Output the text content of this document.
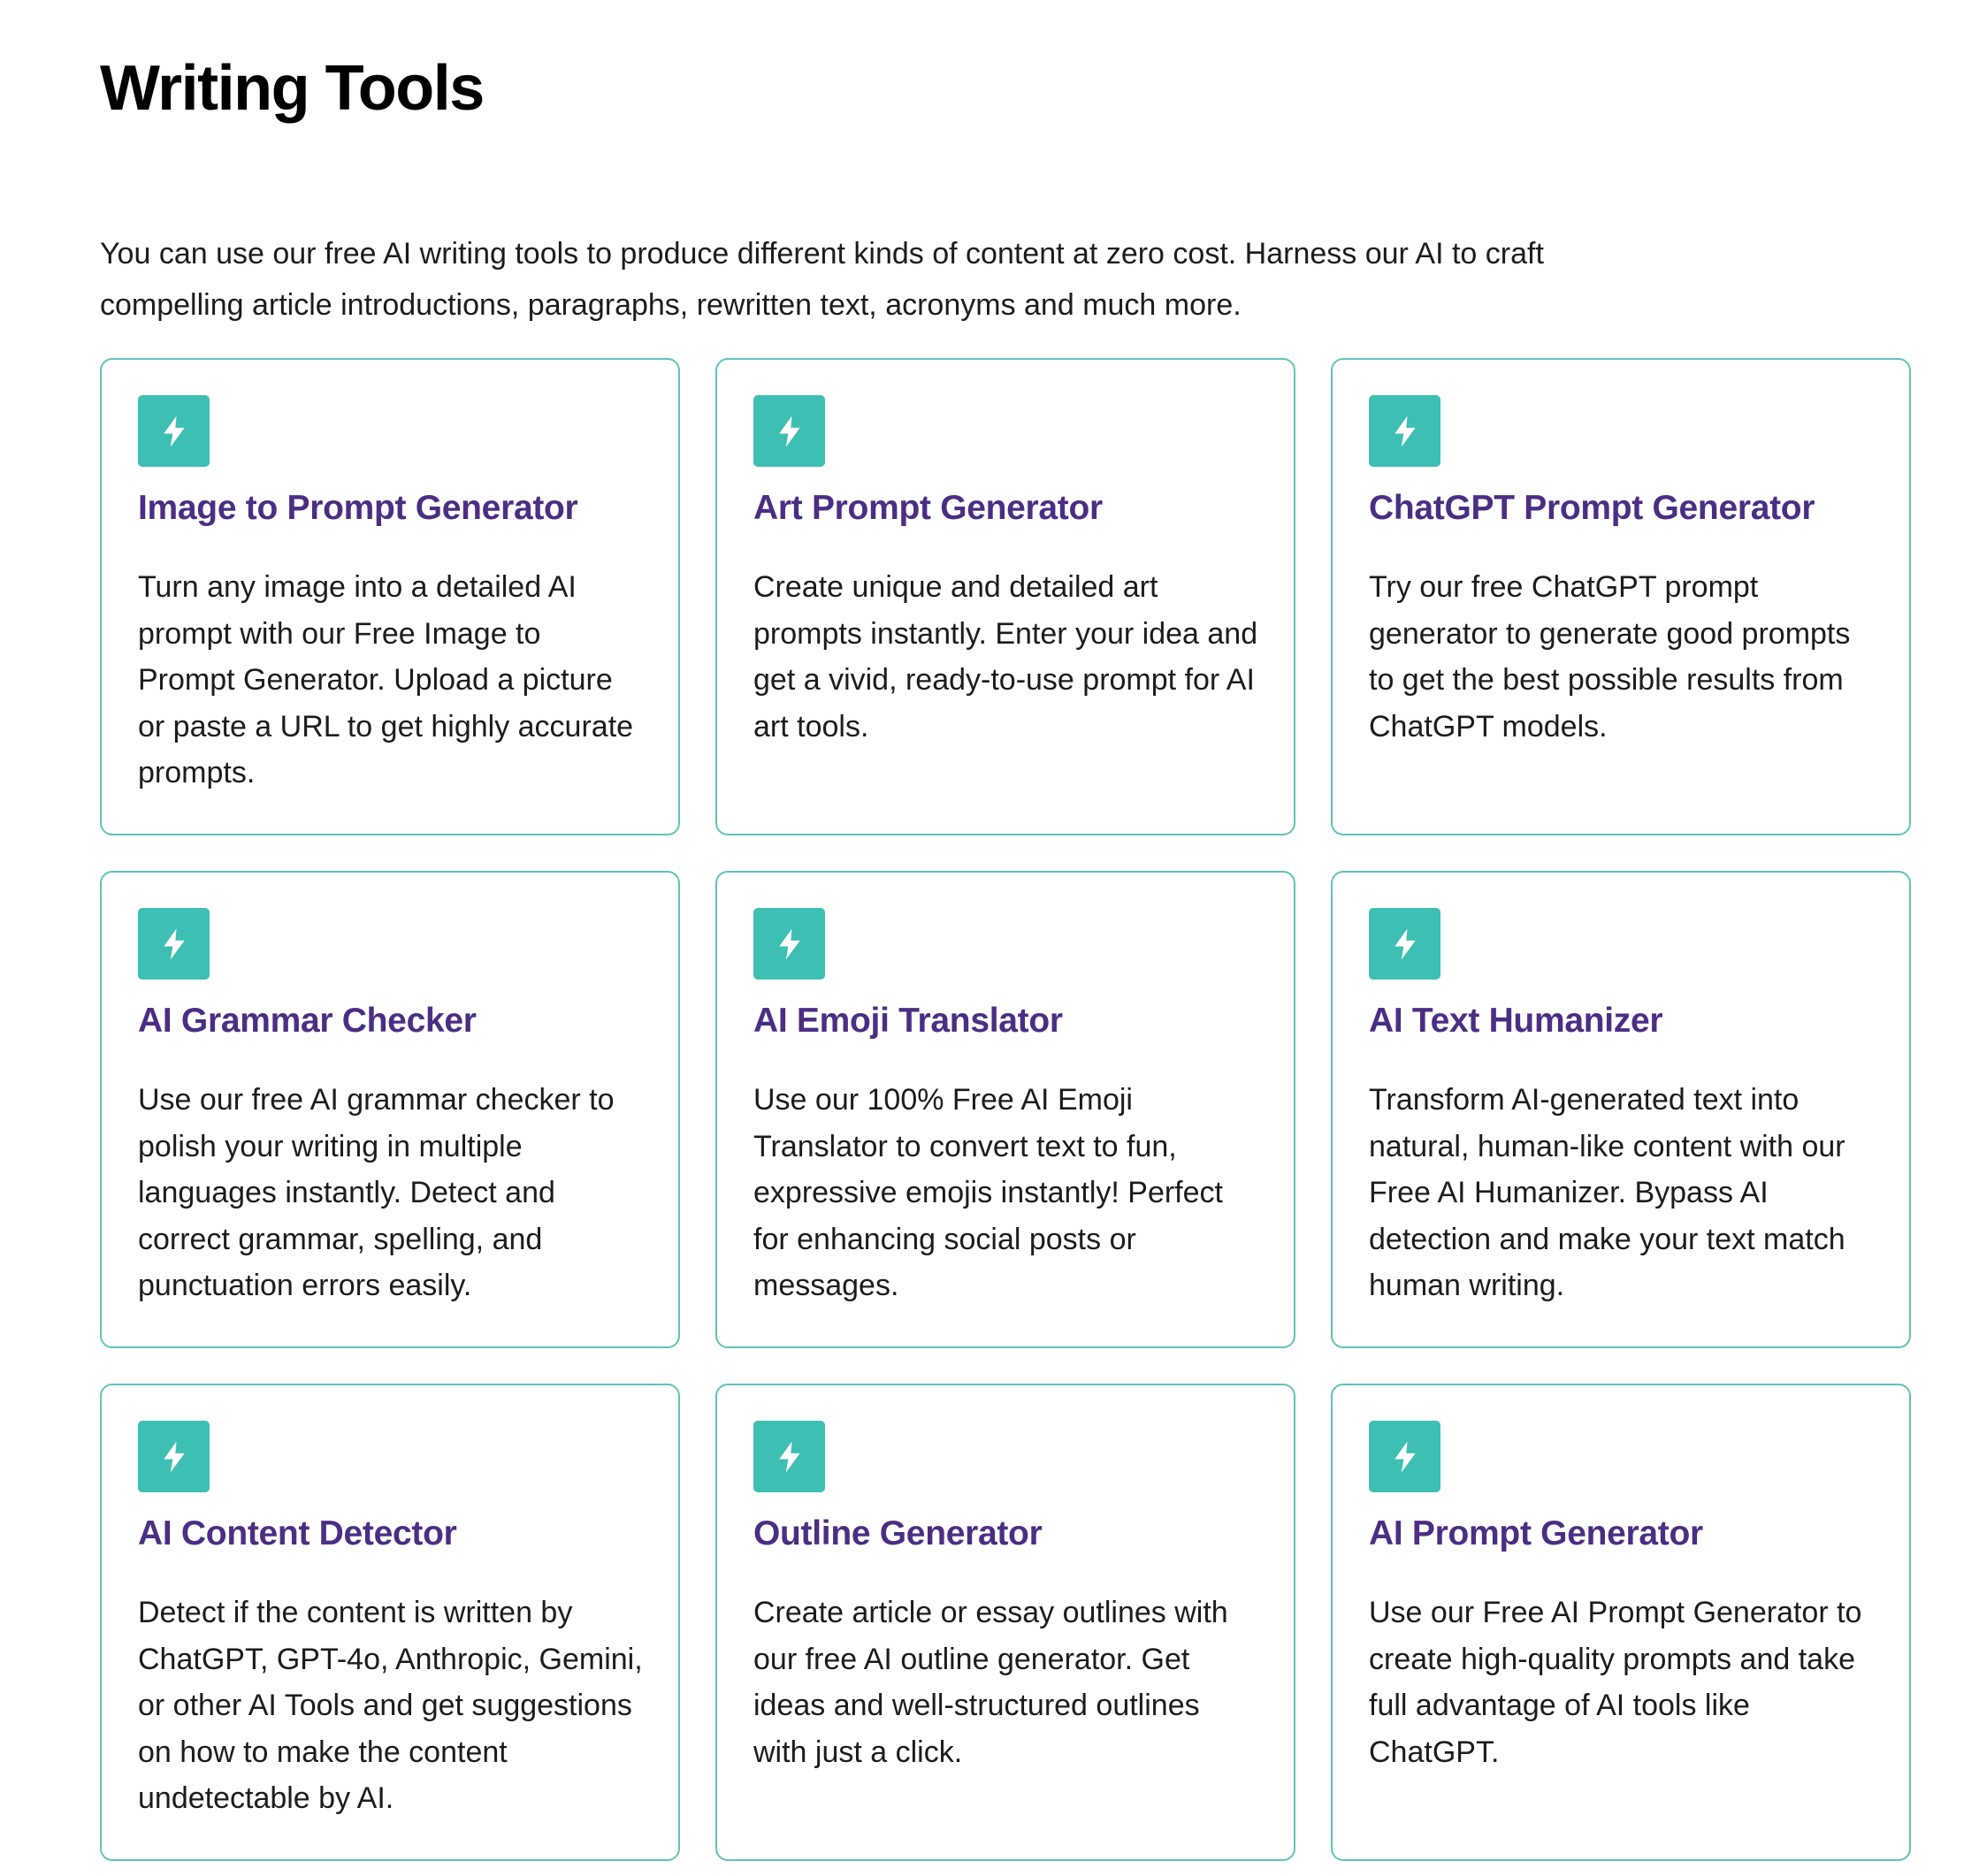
Writing Tools

You can use our free AI writing tools to produce different kinds of content at zero cost. Harness our AI to craft compelling article introductions, paragraphs, rewritten text, acronyms and much more.

Image to Prompt Generator

Turn any image into a detailed AI prompt with our Free Image to Prompt Generator. Upload a picture or paste a URL to get highly accurate prompts.

Art Prompt Generator

Create unique and detailed art prompts instantly. Enter your idea and get a vivid, ready-to-use prompt for AI art tools.

ChatGPT Prompt Generator

Try our free ChatGPT prompt generator to generate good prompts to get the best possible results from ChatGPT models.

AI Grammar Checker

Use our free AI grammar checker to polish your writing in multiple languages instantly. Detect and correct grammar, spelling, and punctuation errors easily.

AI Emoji Translator

Use our 100% Free AI Emoji Translator to convert text to fun, expressive emojis instantly! Perfect for enhancing social posts or messages.

AI Text Humanizer

Transform AI-generated text into natural, human-like content with our Free AI Humanizer. Bypass AI detection and make your text match human writing.

AI Content Detector

Detect if the content is written by ChatGPT, GPT-4o, Anthropic, Gemini, or other AI Tools and get suggestions on how to make the content undetectable by AI.

Outline Generator

Create article or essay outlines with our free AI outline generator. Get ideas and well-structured outlines with just a click.

AI Prompt Generator

Use our Free AI Prompt Generator to create high-quality prompts and take full advantage of AI tools like ChatGPT.
